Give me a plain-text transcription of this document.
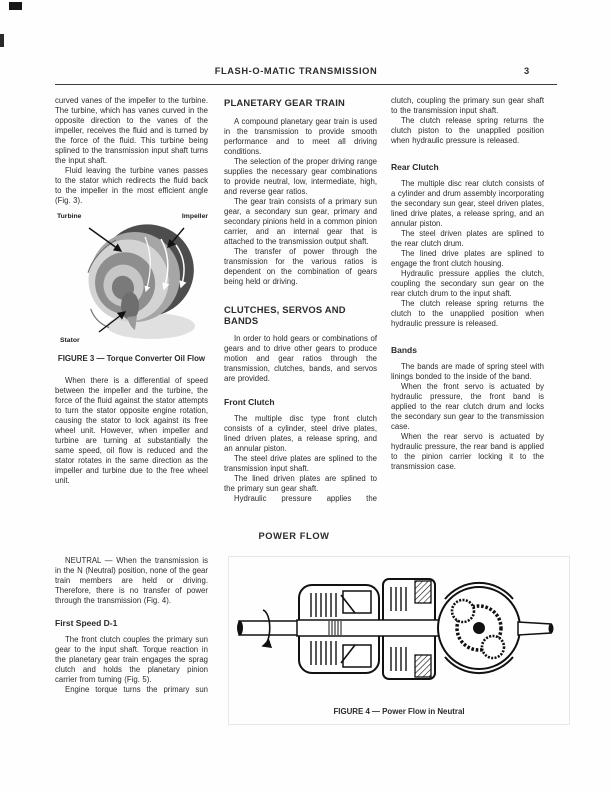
FLASH-O-MATIC TRANSMISSION	3

curved vanes of the impeller to the turbine. The turbine, which has vanes curved in the opposite direction to the vanes of the impeller, receives the fluid and is turned by the force of the fluid. This turbine being splined to the transmission input shaft turns the input shaft.

Fluid leaving the turbine vanes passes to the stator which redirects the fluid back to the impeller in the most efficient angle (Fig. 3).

Turbine	Impeller
Stator
FIGURE 3 — Torque Converter Oil Flow

When there is a differential of speed between the impeller and the turbine, the force of the fluid against the stator attempts to turn the stator opposite engine rotation, causing the stator to lock against its free wheel unit. However, when impeller and turbine are turning at substantially the same speed, oil flow is reduced and the stator rotates in the same direction as the impeller and turbine due to the free wheel unit.

PLANETARY GEAR TRAIN

A compound planetary gear train is used in the transmission to provide smooth performance and to meet all driving conditions.

The selection of the proper driving range supplies the necessary gear combinations to provide neutral, low, intermediate, high, and reverse gear ratios.

The gear train consists of a primary sun gear, a secondary sun gear, primary and secondary pinions held in a common pinion carrier, and an internal gear that is attached to the transmission output shaft.

The transfer of power through the transmission for the various ratios is dependent on the combination of gears being held or driving.

CLUTCHES, SERVOS AND BANDS

In order to hold gears or combinations of gears and to drive other gears to produce motion and gear ratios through the transmission, clutches, bands, and servos are provided.

Front Clutch

The multiple disc type front clutch consists of a cylinder, steel drive plates, lined driven plates, a release spring, and an annular piston.

The steel drive plates are splined to the transmission input shaft.

The lined driven plates are splined to the primary sun gear shaft.

Hydraulic pressure applies the

clutch, coupling the primary sun gear shaft to the transmission input shaft.

The clutch release spring returns the clutch piston to the unapplied position when hydraulic pressure is released.

Rear Clutch

The multiple disc rear clutch consists of a cylinder and drum assembly incorporating the secondary sun gear, steel driven plates, lined drive plates, a release spring, and an annular piston.

The steel driven plates are splined to the rear clutch drum.

The lined drive plates are splined to engage the front clutch housing.

Hydraulic pressure applies the clutch, coupling the secondary sun gear on the rear clutch drum to the input shaft.

The clutch release spring returns the clutch to the unapplied position when hydraulic pressure is released.

Bands

The bands are made of spring steel with linings bonded to the inside of the band.

When the front servo is actuated by hydraulic pressure, the front band is applied to the rear clutch drum and locks the secondary sun gear to the transmission case.

When the rear servo is actuated by hydraulic pressure, the rear band is applied to the pinion carrier locking it to the transmission case.

POWER FLOW

NEUTRAL — When the transmission is in the N (Neutral) position, none of the gear train members are held or driving. Therefore, there is no transfer of power through the transmission (Fig. 4).

First Speed D-1

The front clutch couples the primary sun gear to the input shaft. Torque reaction in the planetary gear train engages the sprag clutch and holds the planetary pinion carrier from turning (Fig. 5).

Engine torque turns the primary sun

FIGURE 4 — Power Flow in Neutral
